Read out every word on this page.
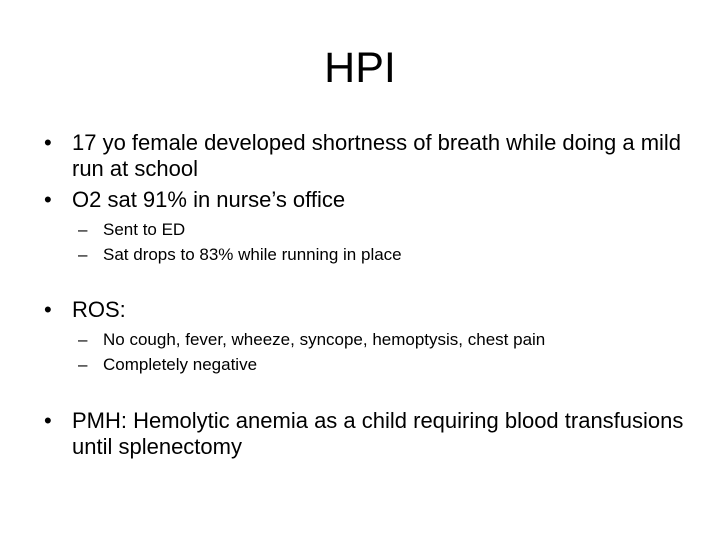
HPI
• 17 yo female developed shortness of breath while doing a mild run at school
• O2 sat 91% in nurse’s office
– Sent to ED
– Sat drops to 83% while running in place
• ROS:
– No cough, fever, wheeze, syncope, hemoptysis, chest pain
– Completely negative
• PMH: Hemolytic anemia as a child requiring blood transfusions until splenectomy
